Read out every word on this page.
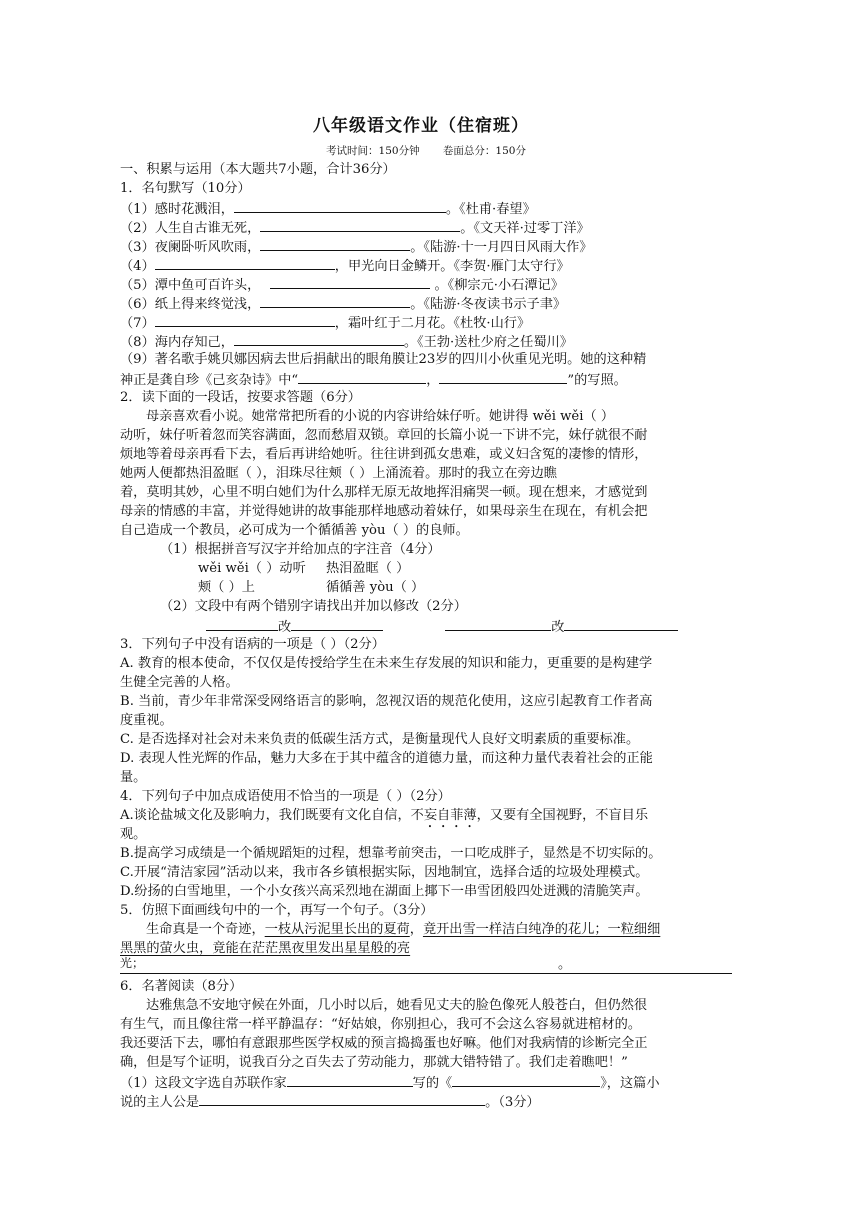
八年级语文作业（住宿班）
考试时间：150分钟 卷面总分：150分
一、积累与运用（本大题共7小题，合计36分）
1．名句默写（10分）
（1）感时花溅泪，	。《杜甫·春望》
（2）人生自古谁无死，	。《文天祥·过零丁洋》
（3）夜阑卧听风吹雨，	。《陆游·十一月四日风雨大作》
（4）	，甲光向日金鳞开。《李贺·雁门太守行》
（5）潭中鱼可百许头，	。《柳宗元·小石潭记》
（6）纸上得来终觉浅，	。《陆游·冬夜读书示子聿》
（7）	，霜叶红于二月花。《杜牧·山行》
（8）海内存知己，	。《王勃·送杜少府之任蜀川》
（9）著名歌手姚贝娜因病去世后捐献出的眼角膜让23岁的四川小伙重见光明。她的这种精
神正是龚自珍《己亥杂诗》中“	，	”的写照。
2．读下面的一段话，按要求答题（6分）
母亲喜欢看小说。她常常把所看的小说的内容讲给妹仔听。她讲得 wěi wěi（ ）
动听，妹仔听着忽而笑容满面，忽而愁眉双锁。章回的长篇小说一下讲不完，妹仔就很不耐
烦地等着母亲再看下去，看后再讲给她听。往往讲到孤女患难，或义妇含冤的凄惨的情形，
她两人便都热泪盈眶（ ），泪珠尽往颊（ ）上涌流着。那时的我立在旁边瞧
着，莫明其妙，心里不明白她们为什么那样无原无故地挥泪痛哭一顿。现在想来，才感觉到
母亲的情感的丰富，并觉得她讲的故事能那样地感动着妹仔，如果母亲生在现在，有机会把
自己造成一个教员，必可成为一个循循善 yòu（ ）的良师。
（1）根据拼音写汉字并给加点的字注音（4分）
wěi wěi（ ）动听 热泪盈眶（ ）
颊（ ）上	循循善 yòu（ ）
（2）文段中有两个错别字请找出并加以修改（2分）
改	改
3．下列句子中没有语病的一项是（ ）（2分）
A. 教育的根本使命，不仅仅是传授给学生在未来生存发展的知识和能力，更重要的是构建学
生健全完善的人格。
B. 当前，青少年非常深受网络语言的影响，忽视汉语的规范化使用，这应引起教育工作者高
度重视。
C. 是否选择对社会对未来负责的低碳生活方式，是衡量现代人良好文明素质的重要标准。
D. 表现人性光辉的作品，魅力大多在于其中蕴含的道德力量，而这种力量代表着社会的正能
量。
4．下列句子中加点成语使用不恰当的一项是（ ）（2分）
A.谈论盐城文化及影响力，我们既要有文化自信，不妄自菲薄，又要有全国视野，不盲目乐
观。
B.提高学习成绩是一个循规蹈矩的过程，想靠考前突击，一口吃成胖子，显然是不切实际的。
C.开展“清洁家园”活动以来，我市各乡镇根据实际，因地制宜，选择合适的垃圾处理模式。
D.纷扬的白雪地里，一个小女孩兴高采烈地在湖面上揶下一串雪团般四处迸溅的清脆笑声。
5．仿照下面画线句中的一个，再写一个句子。（3分）
生命真是一个奇迹，一枝从污泥里长出的夏荷，竟开出雪一样洁白纯净的花儿；一粒细细
黑黑的萤火虫，竟能在茫茫黑夜里发出星星般的亮
光；	。
6．名著阅读（8分）
达雅焦急不安地守候在外面，几小时以后，她看见丈夫的脸色像死人般苍白，但仍然很
有生气，而且像往常一样平静温存：“好姑娘，你别担心，我可不会这么容易就进棺材的。
我还要活下去，哪怕有意跟那些医学权威的预言捣捣蛋也好嘛。他们对我病情的诊断完全正
确，但是写个证明，说我百分之百失去了劳动能力，那就大错特错了。我们走着瞧吧！”
（1）这段文字选自苏联作家	写的《	》，这篇小
说的主人公是	。（3分）
